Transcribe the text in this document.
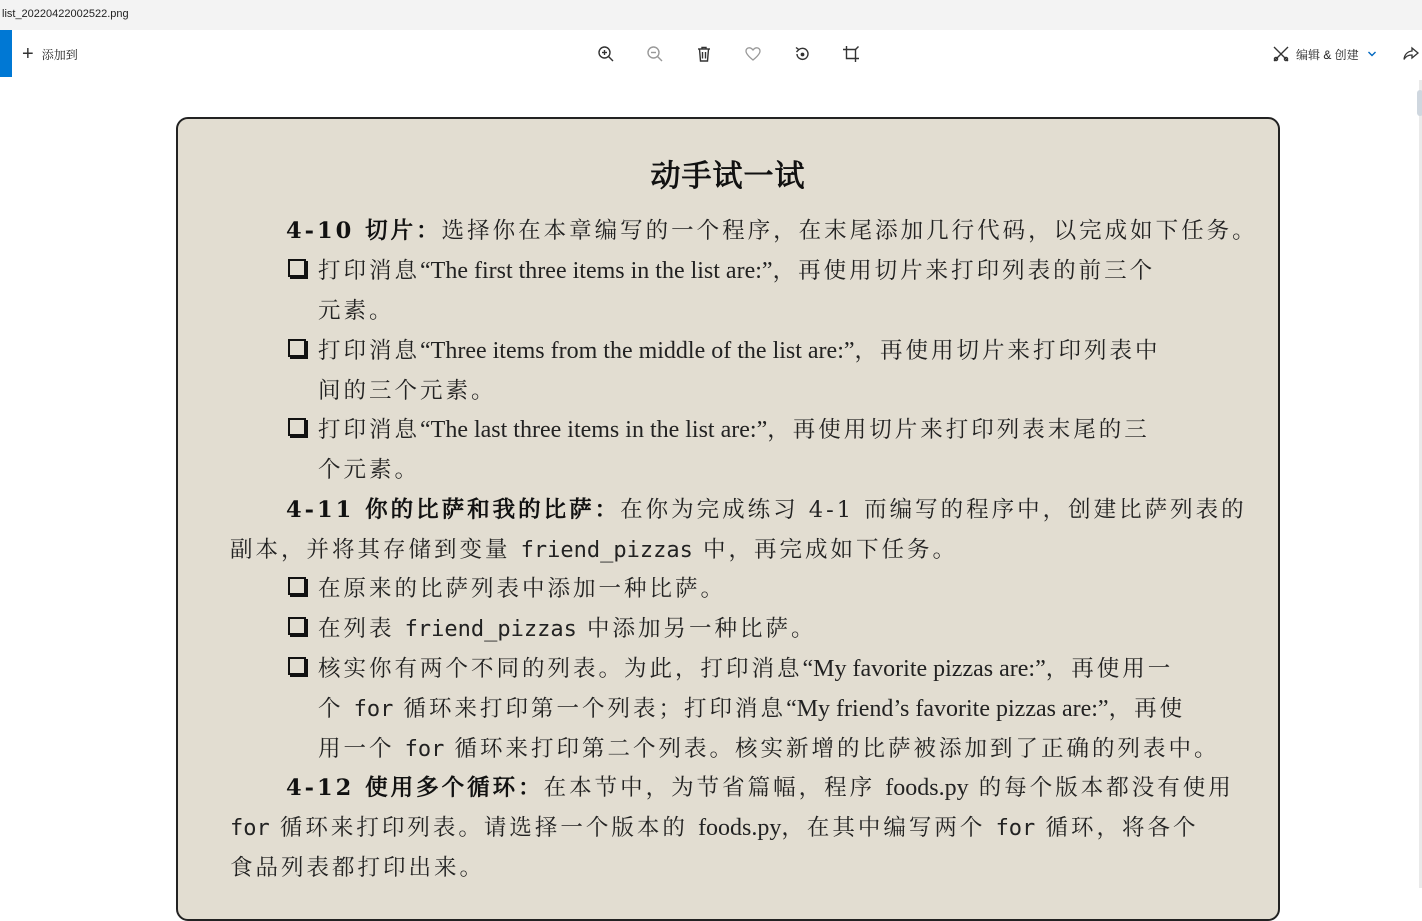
list_20220422002522.png
+ 添加到	编辑 & 创建
动手试一试
4-10 切片：选择你在本章编写的一个程序，在末尾添加几行代码，以完成如下任务。
打印消息“The first three items in the list are:”，再使用切片来打印列表的前三个
元素。
打印消息“Three items from the middle of the list are:”，再使用切片来打印列表中
间的三个元素。
打印消息“The last three items in the list are:”，再使用切片来打印列表末尾的三
个元素。
4-11 你的比萨和我的比萨：在你为完成练习 4-1 而编写的程序中，创建比萨列表的
副本，并将其存储到变量 friend_pizzas 中，再完成如下任务。
在原来的比萨列表中添加一种比萨。
在列表 friend_pizzas 中添加另一种比萨。
核实你有两个不同的列表。为此，打印消息“My favorite pizzas are:”，再使用一
个 for 循环来打印第一个列表；打印消息“My friend’s favorite pizzas are:”，再使
用一个 for 循环来打印第二个列表。核实新增的比萨被添加到了正确的列表中。
4-12 使用多个循环：在本节中，为节省篇幅，程序 foods.py 的每个版本都没有使用
for 循环来打印列表。请选择一个版本的 foods.py，在其中编写两个 for 循环，将各个
食品列表都打印出来。
